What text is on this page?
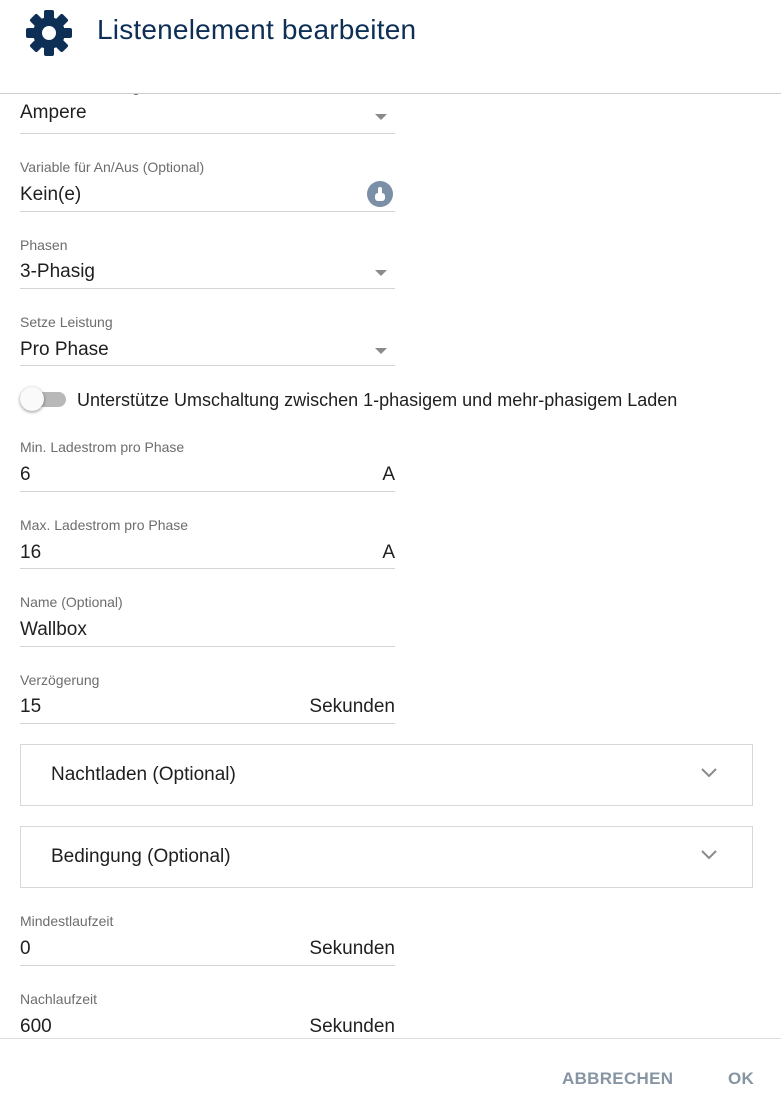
Listenelement bearbeiten
Ampere
Variable für An/Aus (Optional)
Kein(e)
Phasen
3-Phasig
Setze Leistung
Pro Phase
Unterstütze Umschaltung zwischen 1-phasigem und mehr-phasigem Laden
Min. Ladestrom pro Phase
6	A
Max. Ladestrom pro Phase
16	A
Name (Optional)
Wallbox
Verzögerung
15	Sekunden
Nachtladen (Optional)
Bedingung (Optional)
Mindestlaufzeit
0	Sekunden
Nachlaufzeit
600	Sekunden
ABBRECHEN	OK
